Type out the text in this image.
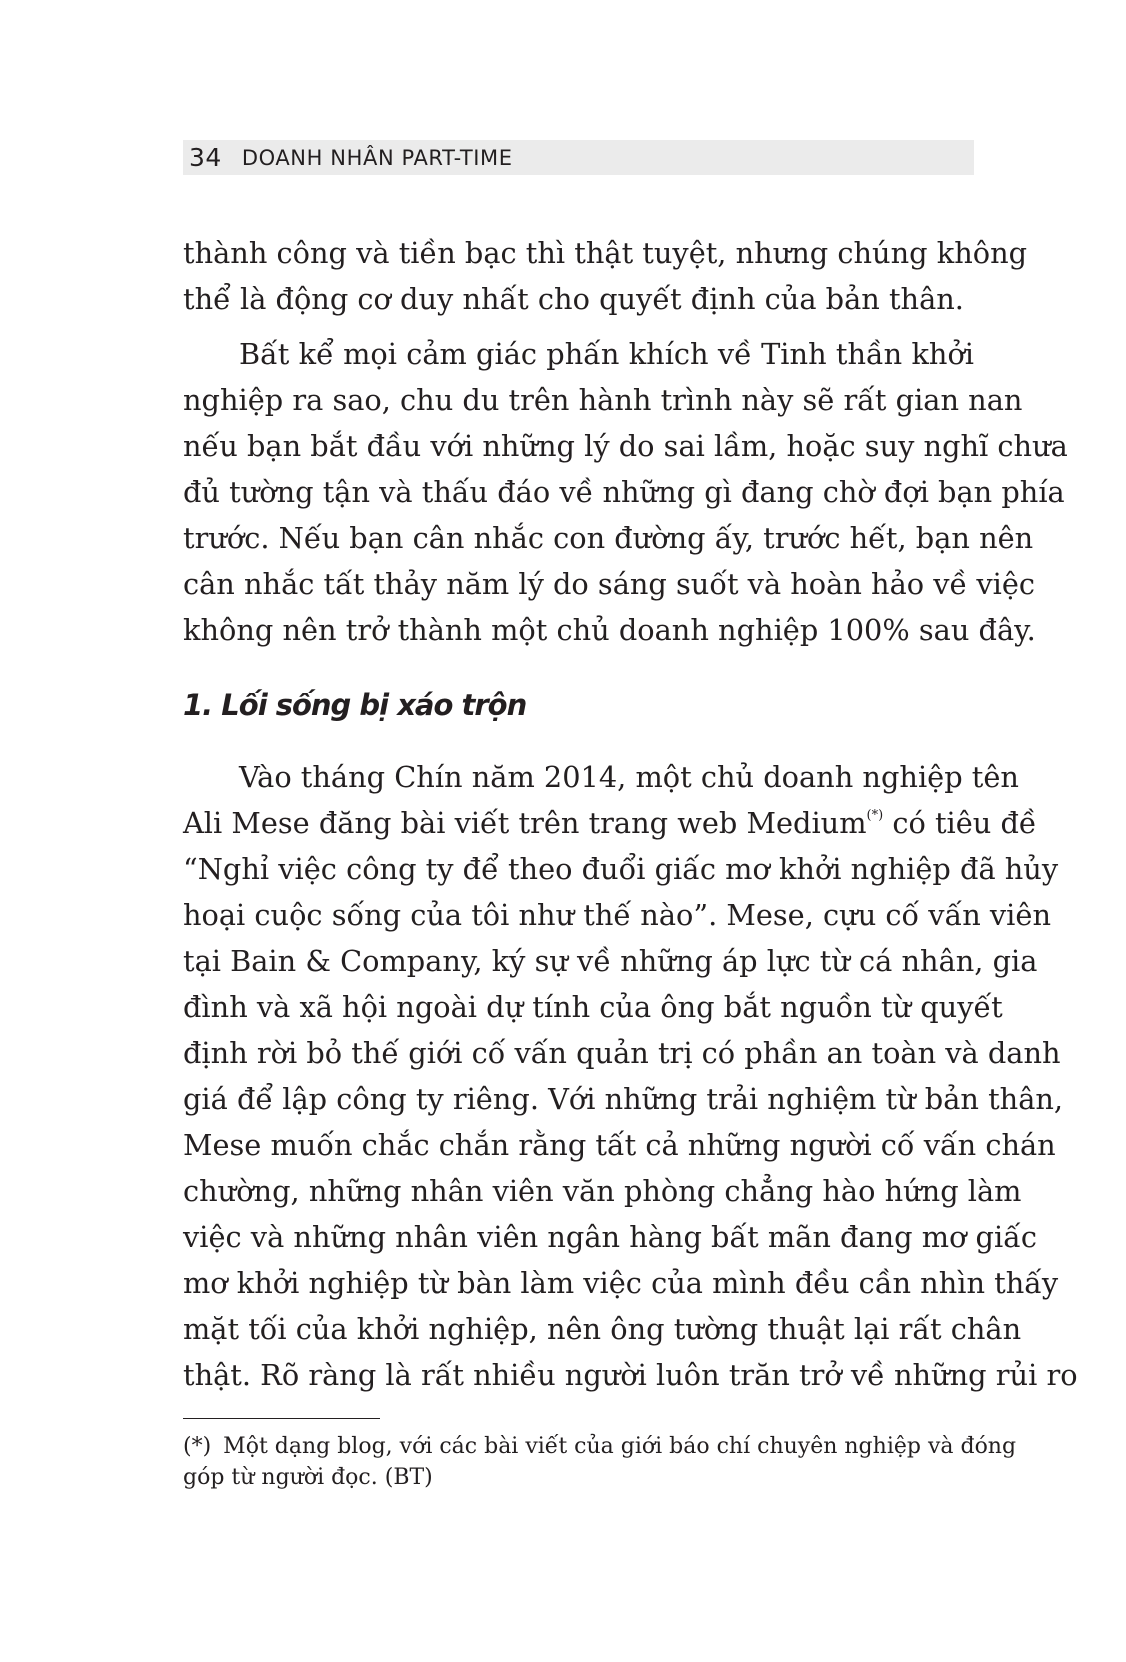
34 DOANH NHÂN PART-TIME
thành công và tiền bạc thì thật tuyệt, nhưng chúng không
thể là động cơ duy nhất cho quyết định của bản thân.
Bất kể mọi cảm giác phấn khích về Tinh thần khởi
nghiệp ra sao, chu du trên hành trình này sẽ rất gian nan
nếu bạn bắt đầu với những lý do sai lầm, hoặc suy nghĩ chưa
đủ tường tận và thấu đáo về những gì đang chờ đợi bạn phía
trước. Nếu bạn cân nhắc con đường ấy, trước hết, bạn nên
cân nhắc tất thảy năm lý do sáng suốt và hoàn hảo về việc
không nên trở thành một chủ doanh nghiệp 100% sau đây.
1. Lối sống bị xáo trộn
Vào tháng Chín năm 2014, một chủ doanh nghiệp tên
Ali Mese đăng bài viết trên trang web Medium(*) có tiêu đề
“Nghỉ việc công ty để theo đuổi giấc mơ khởi nghiệp đã hủy
hoại cuộc sống của tôi như thế nào”. Mese, cựu cố vấn viên
tại Bain & Company, ký sự về những áp lực từ cá nhân, gia
đình và xã hội ngoài dự tính của ông bắt nguồn từ quyết
định rời bỏ thế giới cố vấn quản trị có phần an toàn và danh
giá để lập công ty riêng. Với những trải nghiệm từ bản thân,
Mese muốn chắc chắn rằng tất cả những người cố vấn chán
chường, những nhân viên văn phòng chẳng hào hứng làm
việc và những nhân viên ngân hàng bất mãn đang mơ giấc
mơ khởi nghiệp từ bàn làm việc của mình đều cần nhìn thấy
mặt tối của khởi nghiệp, nên ông tường thuật lại rất chân
thật. Rõ ràng là rất nhiều người luôn trăn trở về những rủi ro
(*) Một dạng blog, với các bài viết của giới báo chí chuyên nghiệp và đóng
góp từ người đọc. (BT)
